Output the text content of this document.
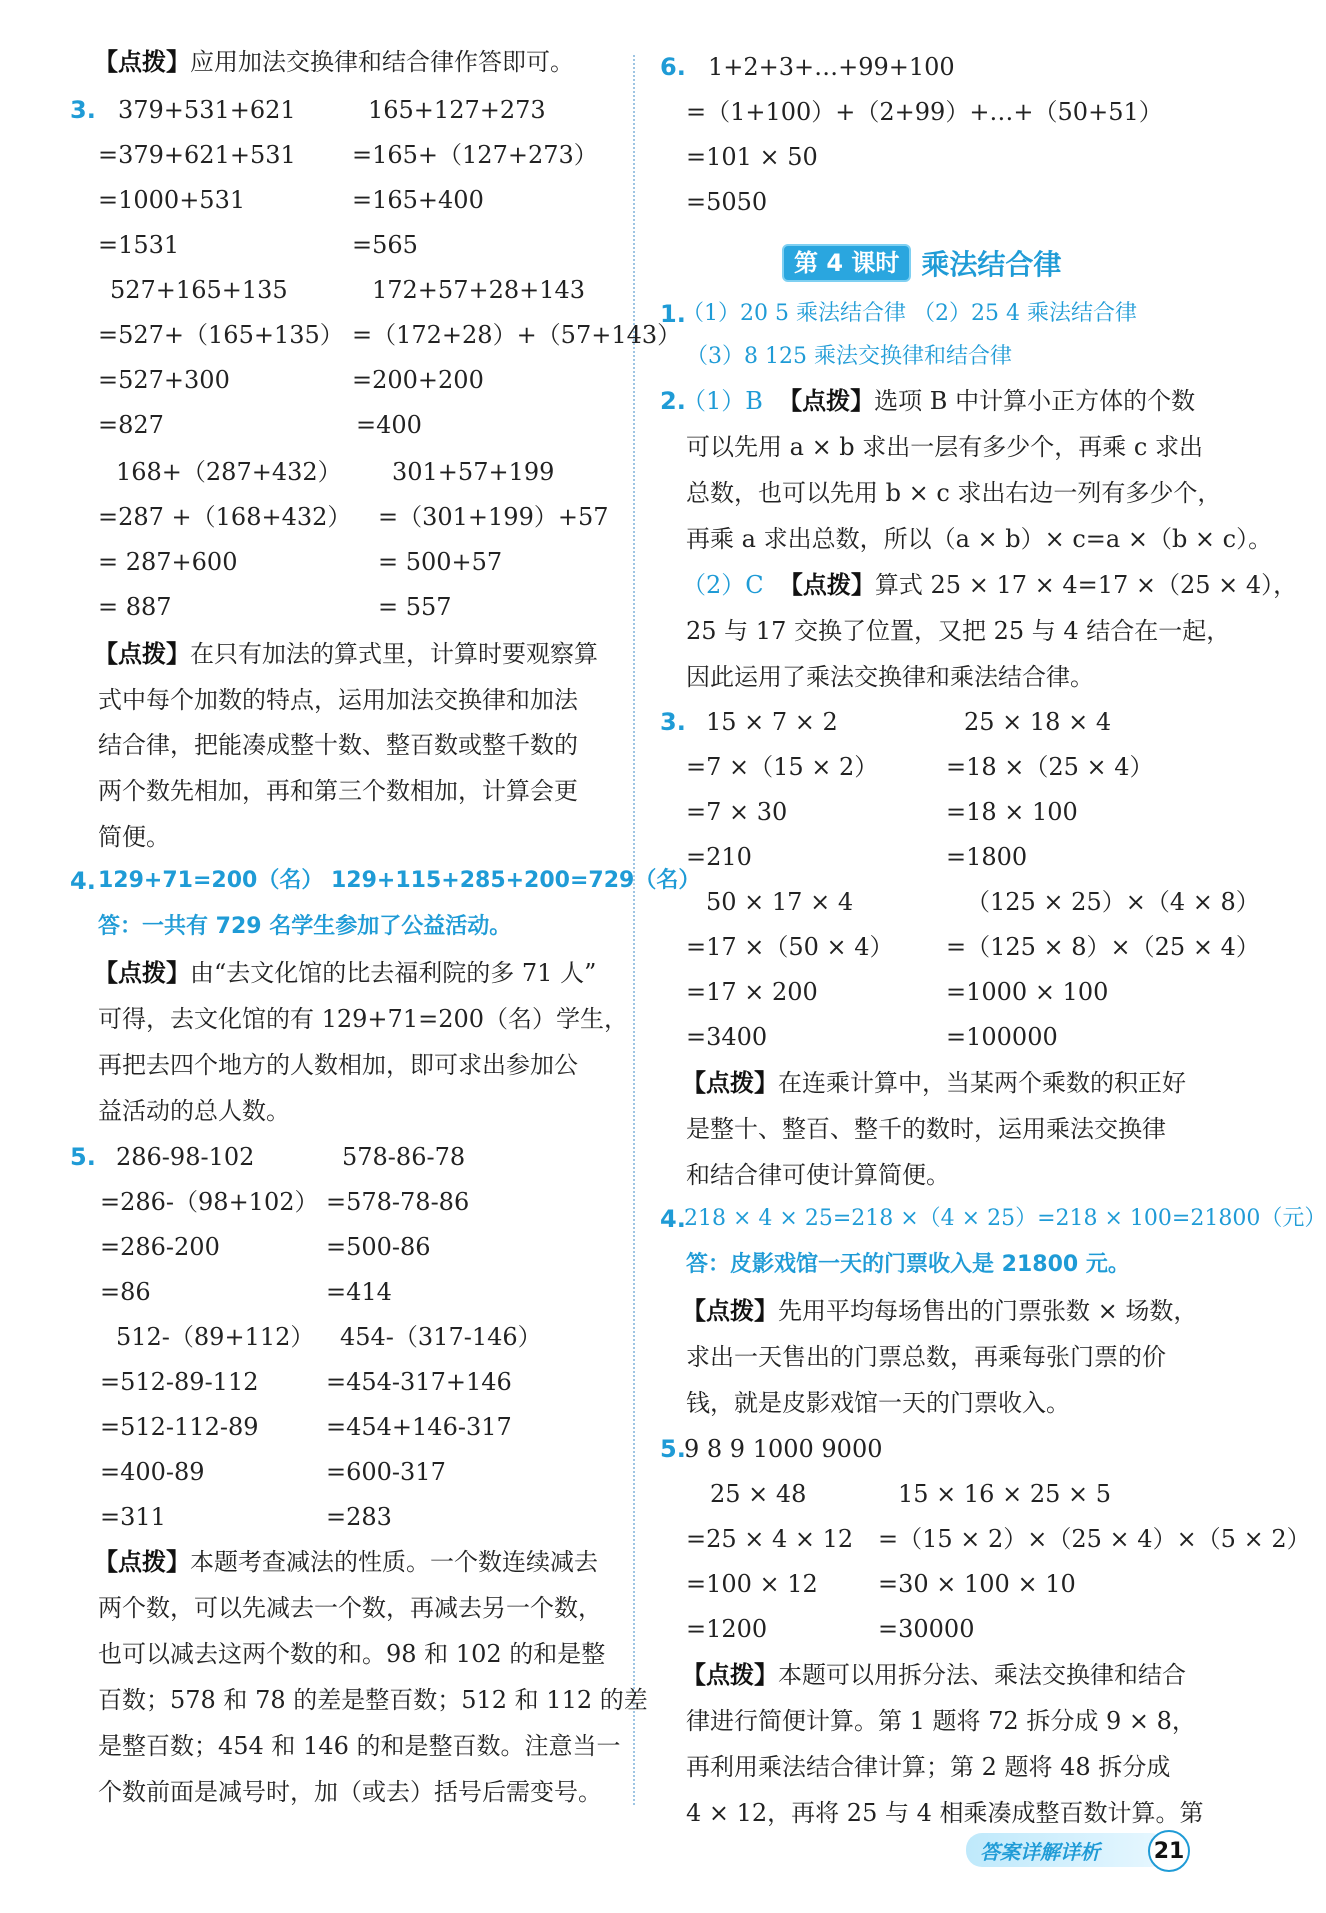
【点拨】应用加法交换律和结合律作答即可。
3. 379+531+621
=379+621+531
=1000+531
=1531
165+127+273
=165+（127+273）
=165+400
=565
527+165+135
=527+（165+135）
=527+300
=827
172+57+28+143
=（172+28）+（57+143）
=200+200
=400
168+（287+432）
=287 +（168+432）
= 287+600
= 887
301+57+199
=（301+199）+57
= 500+57
= 557
【点拨】在只有加法的算式里，计算时要观察算
式中每个加数的特点，运用加法交换律和加法
结合律，把能凑成整十数、整百数或整千数的
两个数先相加，再和第三个数相加，计算会更
简便。
4. 129+71=200（名） 129+115+285+200=729（名）
答：一共有 729 名学生参加了公益活动。
【点拨】由“去文化馆的比去福利院的多 71 人”
可得，去文化馆的有 129+71=200（名）学生，
再把去四个地方的人数相加，即可求出参加公
益活动的总人数。
5. 286-98-102
=286-（98+102）
=286-200
=86
578-86-78
=578-78-86
=500-86
=414
512-（89+112）
=512-89-112
=512-112-89
=400-89
=311
454-（317-146）
=454-317+146
=454+146-317
=600-317
=283
【点拨】本题考查减法的性质。一个数连续减去
两个数，可以先减去一个数，再减去另一个数，
也可以减去这两个数的和。98 和 102 的和是整
百数；578 和 78 的差是整百数；512 和 112 的差
是整百数；454 和 146 的和是整百数。注意当一
个数前面是减号时，加（或去）括号后需变号。
6. 1+2+3+…+99+100
=（1+100）+（2+99）+…+（50+51）
=101 × 50
=5050
第 4 课时 乘法结合律
1.
（1）20 5 乘法结合律 （2）25 4 乘法结合律
（3）8 125 乘法交换律和结合律
2.
（1）B 【点拨】选项 B 中计算小正方体的个数
可以先用 a × b 求出一层有多少个，再乘 c 求出
总数，也可以先用 b × c 求出右边一列有多少个，
再乘 a 求出总数，所以（a × b）× c=a ×（b × c）。
（2）C 【点拨】算式 25 × 17 × 4=17 ×（25 × 4），
25 与 17 交换了位置，又把 25 与 4 结合在一起，
因此运用了乘法交换律和乘法结合律。
3. 15 × 7 × 2
=7 ×（15 × 2）
=7 × 30
=210
25 × 18 × 4
=18 ×（25 × 4）
=18 × 100
=1800
50 × 17 × 4
=17 ×（50 × 4）
=17 × 200
=3400
（125 × 25）×（4 × 8）
=（125 × 8）×（25 × 4）
=1000 × 100
=100000
【点拨】在连乘计算中，当某两个乘数的积正好
是整十、整百、整千的数时，运用乘法交换律
和结合律可使计算简便。
4.
218 × 4 × 25=218 ×（4 × 25）=218 × 100=21800（元）
答：皮影戏馆一天的门票收入是 21800 元。
【点拨】先用平均每场售出的门票张数 × 场数，
求出一天售出的门票总数，再乘每张门票的价
钱，就是皮影戏馆一天的门票收入。
5.
9 8 9 1000 9000
25 × 48
=25 × 4 × 12
=100 × 12
=1200
15 × 16 × 25 × 5
=（15 × 2）×（25 × 4）×（5 × 2）
=30 × 100 × 10
=30000
【点拨】本题可以用拆分法、乘法交换律和结合
律进行简便计算。第 1 题将 72 拆分成 9 × 8，
再利用乘法结合律计算；第 2 题将 48 拆分成
4 × 12，再将 25 与 4 相乘凑成整百数计算。第
答案详解详析 21
